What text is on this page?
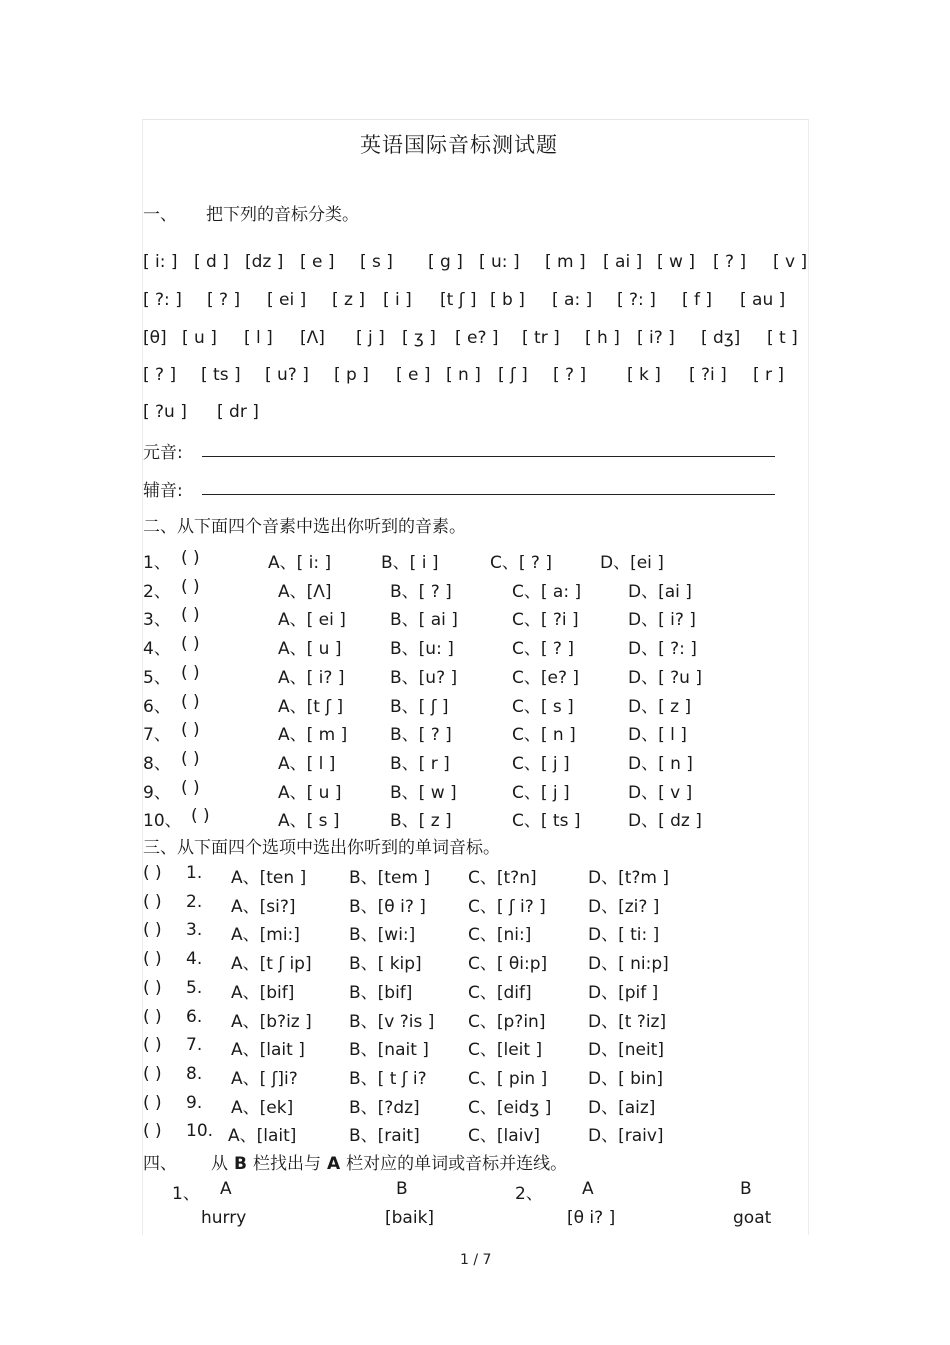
英语国际音标测试题
一、 把下列的音标分类。
[ i: ] [ d ] [dz ] [ e ] [ s ] [ g ] [ u: ] [ m ] [ ai ] [ w ] [ ? ] [ v ]
[ ?: ] [ ? ] [ ei ] [ z ] [ i ] [t ʃ ] [ b ] [ a: ] [ ?: ] [ f ] [ au ]
[θ] [ u ] [ l ] [Λ] [ j ] [ ʒ ] [ e? ] [ tr ] [ h ] [ i? ] [ dʒ] [ t ]
[ ? ] [ ts ] [ u? ] [ p ] [ e ] [ n ] [ ʃ ] [ ? ] [ k ] [ ?i ] [ r ]
[ ?u ] [ dr ]
元音:
辅音:
二、从下面四个音素中选出你听到的音素。
1、 ( )	A、[ i: ]	B、[ i ]	C、[ ? ]	D、[ei ]
2、 ( )	A、[Λ]	B、[ ? ]	C、[ a: ]	D、[ai ]
3、 ( )	A、[ ei ]	B、[ ai ]	C、[ ?i ]	D、[ i? ]
4、 ( )	A、[ u ]	B、[u: ]	C、[ ? ]	D、[ ?: ]
5、 ( )	A、[ i? ]	B、[u? ]	C、[e? ]	D、[ ?u ]
6、 ( )	A、[t ʃ ]	B、[ ʃ ]	C、[ s ]	D、[ z ]
7、 ( )	A、[ m ]	B、[ ? ]	C、[ n ]	D、[ l ]
8、 ( )	A、[ l ]	B、[ r ]	C、[ j ]	D、[ n ]
9、 ( )	A、[ u ]	B、[ w ]	C、[ j ]	D、[ v ]
10、 ( )	A、[ s ]	B、[ z ]	C、[ ts ]	D、[ dz ]
三、从下面四个选项中选出你听到的单词音标。
( ) 1. A、[ten ]	B、[tem ] C、[t?n]	D、[t?m ]
( ) 2. A、[si?]	B、[θ i? ] C、[ ʃ i? ] D、[zi? ]
( ) 3. A、[mi:]	B、[wi:]	C、[ni:]	D、[ ti: ]
( ) 4. A、[t ʃ ip] B、[ kip]	C、[ θi:p] D、[ ni:p]
( ) 5. A、[bif]	B、[bif]	C、[dif]	D、[pif ]
( ) 6. A、[b?iz ] B、[v ?is ] C、[p?in]	D、[t ?iz]
( ) 7. A、[lait ]	B、[nait ] C、[leit ]	D、[neit]
( ) 8. A、[ ʃ]i?	B、[ t ʃ i? C、[ pin ] D、[ bin]
( ) 9. A、[ek]	B、[?dz]	C、[eidʒ ] D、[aiz]
( ) 10. A、[lait]	B、[rait]	C、[laiv]	D、[raiv]
四、 从 B 栏找出与 A 栏对应的单词或音标并连线。
1、 A	B	2、 A	B
hurry	[baik]	[θ i? ]	goat
1 / 7
